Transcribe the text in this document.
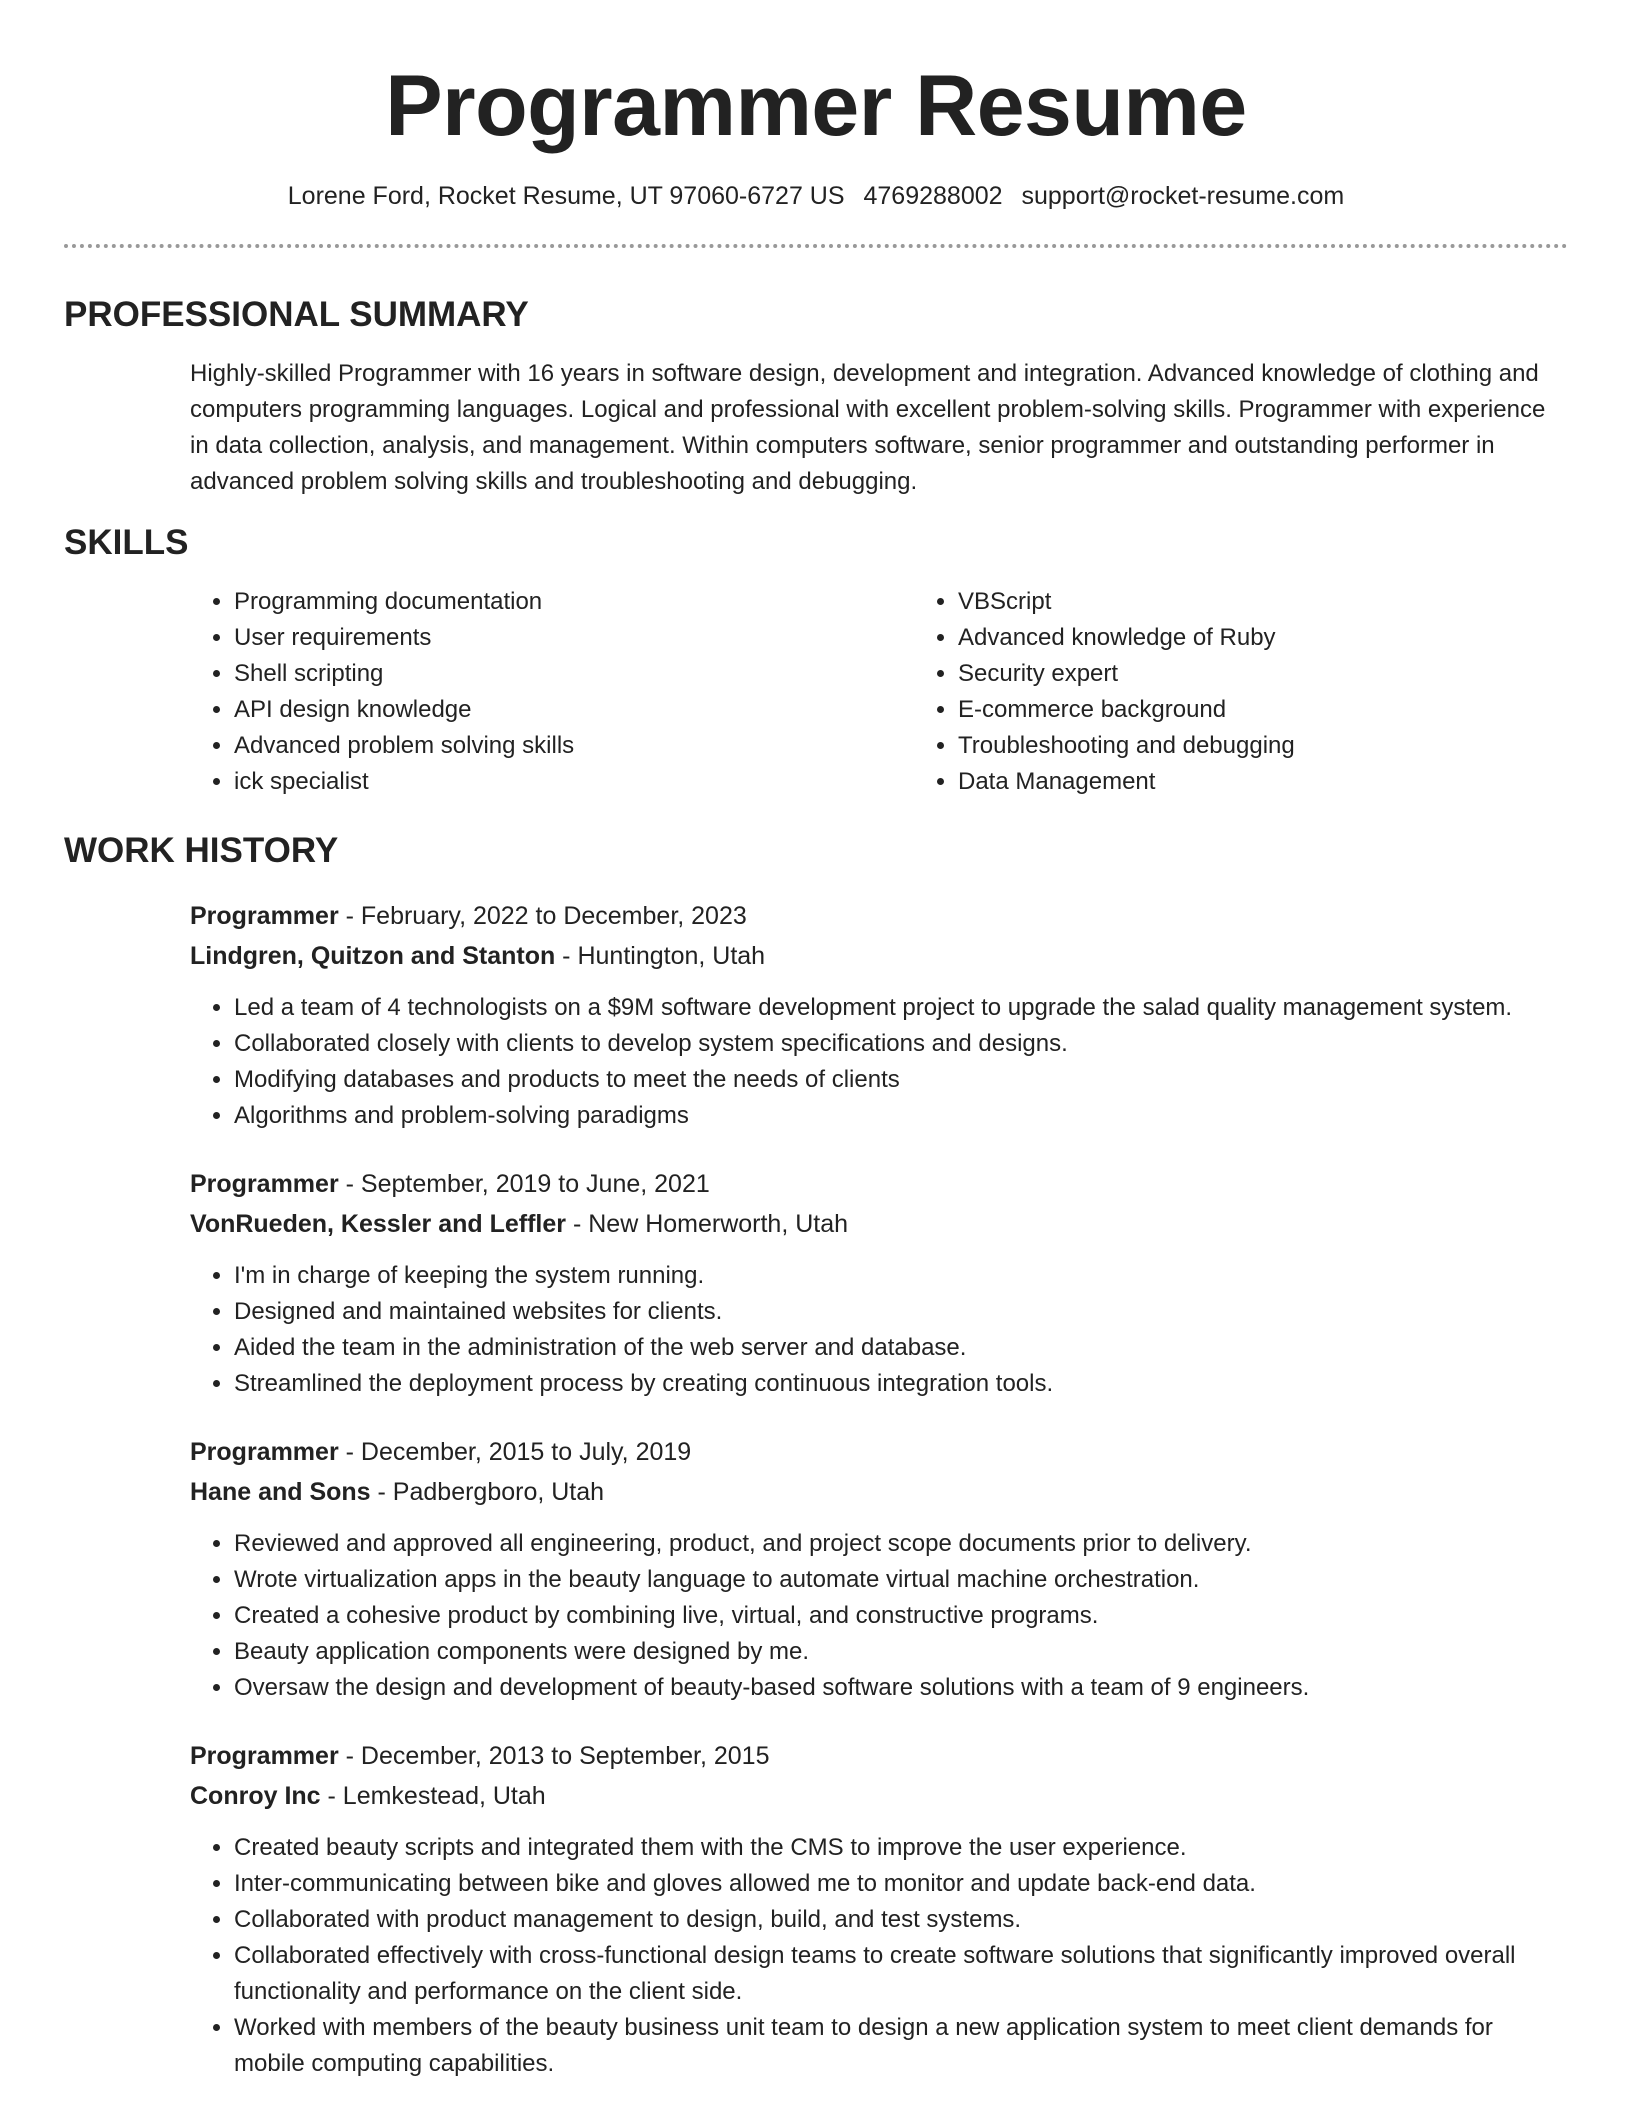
Programmer Resume
Lorene Ford, Rocket Resume, UT 97060-6727 US 4769288002 support@rocket-resume.com
PROFESSIONAL SUMMARY

Highly-skilled Programmer with 16 years in software design, development and integration. Advanced knowledge of clothing and computers programming languages. Logical and professional with excellent problem-solving skills. Programmer with experience in data collection, analysis, and management. Within computers software, senior programmer and outstanding performer in advanced problem solving skills and troubleshooting and debugging.

SKILLS
• Programming documentation
• User requirements
• Shell scripting
• API design knowledge
• Advanced problem solving skills
• ick specialist
• VBScript
• Advanced knowledge of Ruby
• Security expert
• E-commerce background
• Troubleshooting and debugging
• Data Management
WORK HISTORY
Programmer - February, 2022 to December, 2023
Lindgren, Quitzon and Stanton - Huntington, Utah
• Led a team of 4 technologists on a $9M software development project to upgrade the salad quality management system.
• Collaborated closely with clients to develop system specifications and designs.
• Modifying databases and products to meet the needs of clients
• Algorithms and problem-solving paradigms
Programmer - September, 2019 to June, 2021
VonRueden, Kessler and Leffler - New Homerworth, Utah
• I'm in charge of keeping the system running.
• Designed and maintained websites for clients.
• Aided the team in the administration of the web server and database.
• Streamlined the deployment process by creating continuous integration tools.
Programmer - December, 2015 to July, 2019
Hane and Sons - Padbergboro, Utah
• Reviewed and approved all engineering, product, and project scope documents prior to delivery.
• Wrote virtualization apps in the beauty language to automate virtual machine orchestration.
• Created a cohesive product by combining live, virtual, and constructive programs.
• Beauty application components were designed by me.
• Oversaw the design and development of beauty-based software solutions with a team of 9 engineers.
Programmer - December, 2013 to September, 2015
Conroy Inc - Lemkestead, Utah
• Created beauty scripts and integrated them with the CMS to improve the user experience.
• Inter-communicating between bike and gloves allowed me to monitor and update back-end data.
• Collaborated with product management to design, build, and test systems.
• Collaborated effectively with cross-functional design teams to create software solutions that significantly improved overall functionality and performance on the client side.
• Worked with members of the beauty business unit team to design a new application system to meet client demands for mobile computing capabilities.
